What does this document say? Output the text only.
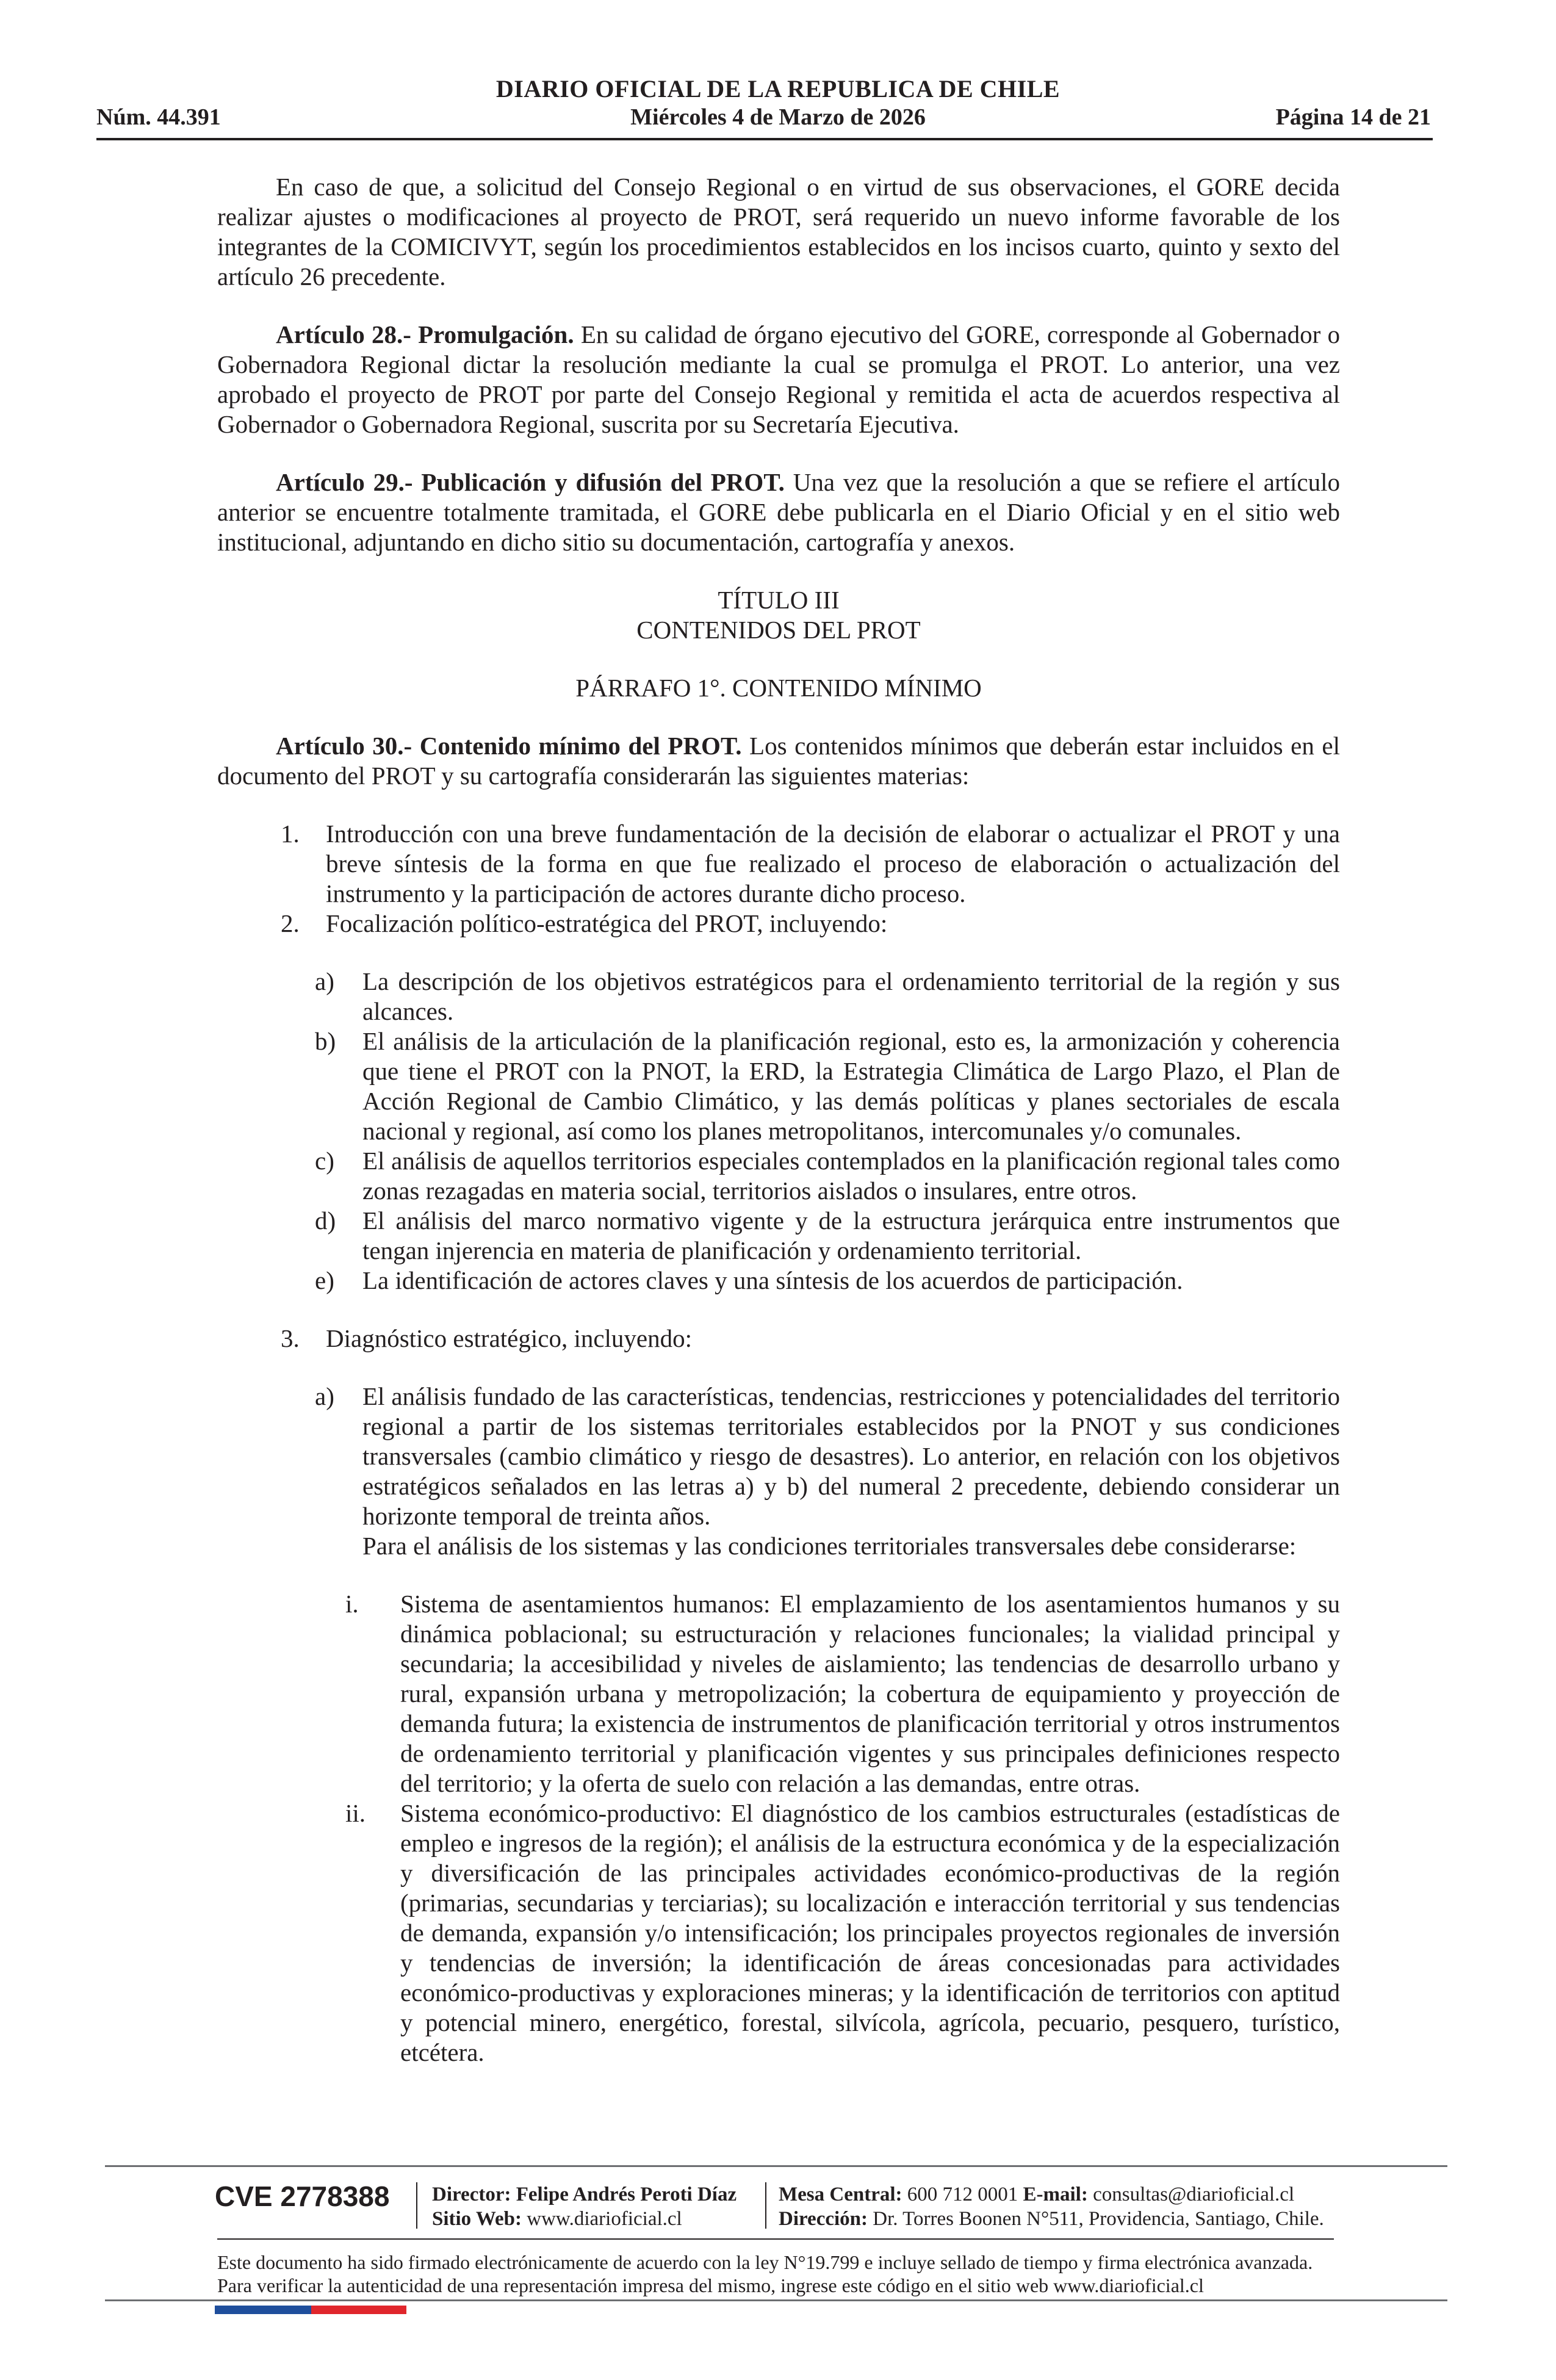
DIARIO OFICIAL DE LA REPUBLICA DE CHILE
Núm. 44.391	Miércoles 4 de Marzo de 2026	Página 14 de 21

En caso de que, a solicitud del Consejo Regional o en virtud de sus observaciones, el GORE decida realizar ajustes o modificaciones al proyecto de PROT, será requerido un nuevo informe favorable de los integrantes de la COMICIVYT, según los procedimientos establecidos en los incisos cuarto, quinto y sexto del artículo 26 precedente.

Artículo 28.- Promulgación. En su calidad de órgano ejecutivo del GORE, corresponde al Gobernador o Gobernadora Regional dictar la resolución mediante la cual se promulga el PROT. Lo anterior, una vez aprobado el proyecto de PROT por parte del Consejo Regional y remitida el acta de acuerdos respectiva al Gobernador o Gobernadora Regional, suscrita por su Secretaría Ejecutiva.

Artículo 29.- Publicación y difusión del PROT. Una vez que la resolución a que se refiere el artículo anterior se encuentre totalmente tramitada, el GORE debe publicarla en el Diario Oficial y en el sitio web institucional, adjuntando en dicho sitio su documentación, cartografía y anexos.

TÍTULO III

CONTENIDOS DEL PROT

PÁRRAFO 1°. CONTENIDO MÍNIMO

Artículo 30.- Contenido mínimo del PROT. Los contenidos mínimos que deberán estar incluidos en el documento del PROT y su cartografía considerarán las siguientes materias:

1. Introducción con una breve fundamentación de la decisión de elaborar o actualizar el PROT y una breve síntesis de la forma en que fue realizado el proceso de elaboración o actualización del instrumento y la participación de actores durante dicho proceso.
2. Focalización político-estratégica del PROT, incluyendo:
a) La descripción de los objetivos estratégicos para el ordenamiento territorial de la región y sus alcances.
b) El análisis de la articulación de la planificación regional, esto es, la armonización y coherencia que tiene el PROT con la PNOT, la ERD, la Estrategia Climática de Largo Plazo, el Plan de Acción Regional de Cambio Climático, y las demás políticas y planes sectoriales de escala nacional y regional, así como los planes metropolitanos, intercomunales y/o comunales.
c) El análisis de aquellos territorios especiales contemplados en la planificación regional tales como zonas rezagadas en materia social, territorios aislados o insulares, entre otros.
d) El análisis del marco normativo vigente y de la estructura jerárquica entre instrumentos que tengan injerencia en materia de planificación y ordenamiento territorial.
e) La identificación de actores claves y una síntesis de los acuerdos de participación.
3. Diagnóstico estratégico, incluyendo:
a) El análisis fundado de las características, tendencias, restricciones y potencialidades del territorio regional a partir de los sistemas territoriales establecidos por la PNOT y sus condiciones transversales (cambio climático y riesgo de desastres). Lo anterior, en relación con los objetivos estratégicos señalados en las letras a) y b) del numeral 2 precedente, debiendo considerar un horizonte temporal de treinta años.

Para el análisis de los sistemas y las condiciones territoriales transversales debe considerarse:

i. Sistema de asentamientos humanos: El emplazamiento de los asentamientos humanos y su dinámica poblacional; su estructuración y relaciones funcionales; la vialidad principal y secundaria; la accesibilidad y niveles de aislamiento; las tendencias de desarrollo urbano y rural, expansión urbana y metropolización; la cobertura de equipamiento y proyección de demanda futura; la existencia de instrumentos de planificación territorial y otros instrumentos de ordenamiento territorial y planificación vigentes y sus principales definiciones respecto del territorio; y la oferta de suelo con relación a las demandas, entre otras.
ii. Sistema económico-productivo: El diagnóstico de los cambios estructurales (estadísticas de empleo e ingresos de la región); el análisis de la estructura económica y de la especialización y diversificación de las principales actividades económico-productivas de la región (primarias, secundarias y terciarias); su localización e interacción territorial y sus tendencias de demanda, expansión y/o intensificación; los principales proyectos regionales de inversión y tendencias de inversión; la identificación de áreas concesionadas para actividades económico-productivas y exploraciones mineras; y la identificación de territorios con aptitud y potencial minero, energético, forestal, silvícola, agrícola, pecuario, pesquero, turístico, etcétera.
CVE 2778388 Director: Felipe Andrés Peroti Díaz
Sitio Web: www.diarioficial.cl
Mesa Central: 600 712 0001 E-mail: consultas@diarioficial.cl
Dirección: Dr. Torres Boonen N°511, Providencia, Santiago, Chile.
Este documento ha sido firmado electrónicamente de acuerdo con la ley N°19.799 e incluye sellado de tiempo y firma electrónica avanzada. Para verificar la autenticidad de una representación impresa del mismo, ingrese este código en el sitio web www.diarioficial.cl
